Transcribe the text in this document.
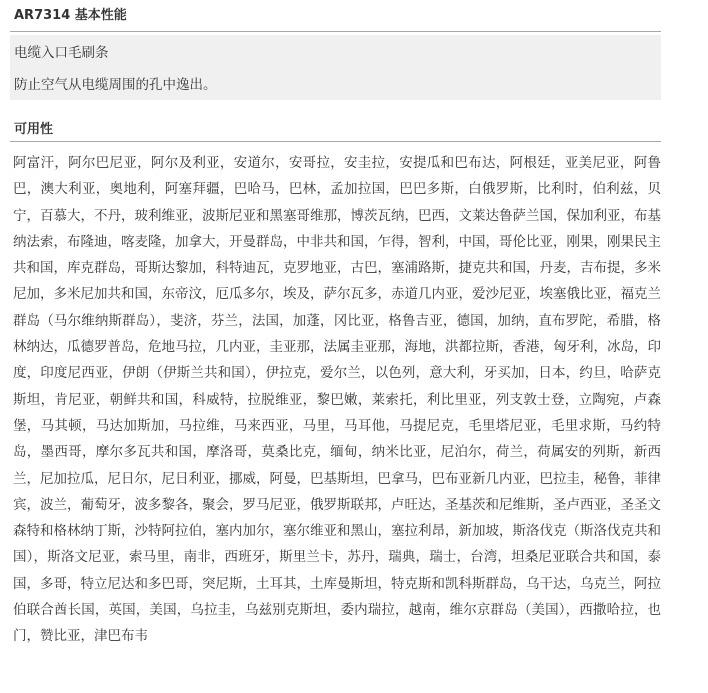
AR7314 基本性能
电缆入口毛刷条
防止空气从电缆周围的孔中逸出。
可用性
阿富汗，阿尔巴尼亚，阿尔及利亚，安道尔，安哥拉，安圭拉，安提瓜和巴布达，阿根廷，亚美尼亚，阿鲁巴，澳大利亚，奥地利，阿塞拜疆，巴哈马，巴林，孟加拉国，巴巴多斯，白俄罗斯，比利时，伯利兹，贝宁，百慕大，不丹，玻利维亚，波斯尼亚和黑塞哥维那，博茨瓦纳，巴西，文莱达鲁萨兰国，保加利亚，布基纳法索，布隆迪，喀麦隆，加拿大，开曼群岛，中非共和国，乍得，智利，中国，哥伦比亚，刚果，刚果民主共和国，库克群岛，哥斯达黎加，科特迪瓦，克罗地亚，古巴，塞浦路斯，捷克共和国，丹麦，吉布提，多米尼加，多米尼加共和国，东帝汶，厄瓜多尔，埃及，萨尔瓦多，赤道几内亚，爱沙尼亚，埃塞俄比亚，福克兰群岛（马尔维纳斯群岛），斐济，芬兰，法国，加蓬，冈比亚，格鲁吉亚，德国，加纳，直布罗陀，希腊，格林纳达，瓜德罗普岛，危地马拉，几内亚，圭亚那，法属圭亚那，海地，洪都拉斯，香港，匈牙利，冰岛，印度，印度尼西亚，伊朗（伊斯兰共和国），伊拉克，爱尔兰，以色列，意大利，牙买加，日本，约旦，哈萨克斯坦，肯尼亚，朝鲜共和国，科威特，拉脱维亚，黎巴嫩，莱索托，利比里亚，列支敦士登，立陶宛，卢森堡，马其顿，马达加斯加，马拉维，马来西亚，马里，马耳他，马提尼克，毛里塔尼亚，毛里求斯，马约特岛，墨西哥，摩尔多瓦共和国，摩洛哥，莫桑比克，缅甸，纳米比亚，尼泊尔，荷兰，荷属安的列斯，新西兰，尼加拉瓜，尼日尔，尼日利亚，挪威，阿曼，巴基斯坦，巴拿马，巴布亚新几内亚，巴拉圭，秘鲁，菲律宾，波兰，葡萄牙，波多黎各，聚会，罗马尼亚，俄罗斯联邦，卢旺达，圣基茨和尼维斯，圣卢西亚，圣圣文森特和格林纳丁斯，沙特阿拉伯，塞内加尔，塞尔维亚和黑山，塞拉利昂，新加坡，斯洛伐克（斯洛伐克共和国），斯洛文尼亚，索马里，南非，西班牙，斯里兰卡，苏丹，瑞典，瑞士，台湾，坦桑尼亚联合共和国，泰国，多哥，特立尼达和多巴哥，突尼斯，土耳其，土库曼斯坦，特克斯和凯科斯群岛，乌干达，乌克兰，阿拉伯联合酋长国，英国，美国，乌拉圭，乌兹别克斯坦，委内瑞拉，越南，维尔京群岛（美国），西撒哈拉，也门，赞比亚，津巴布韦
